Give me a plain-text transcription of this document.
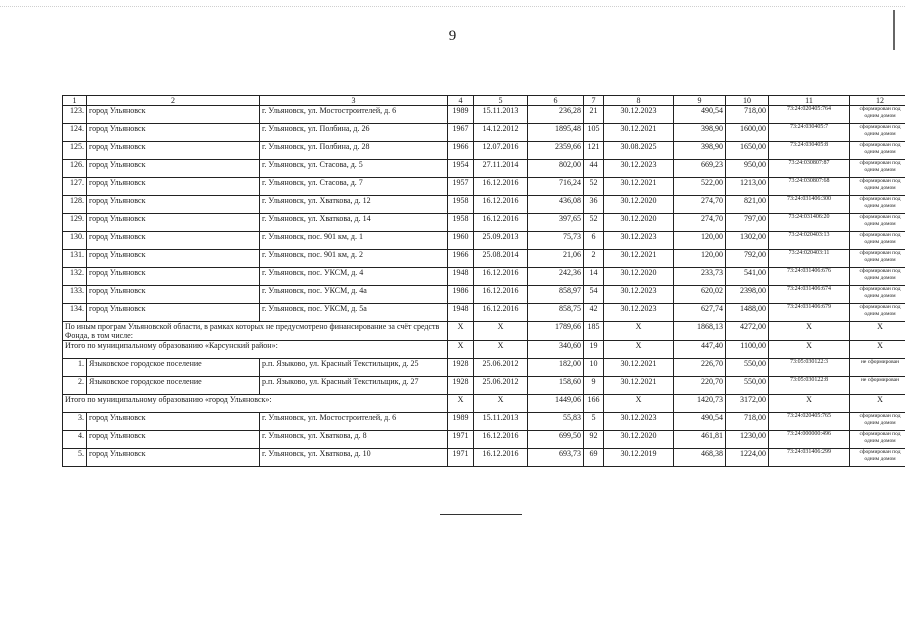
9
1	2	3	4	5	6	7	8	9	10	11	12
123.	город Ульяновск	г. Ульяновск, ул. Мостостроителей, д. 6	1989	15.11.2013	236,28	21	30.12.2023	490,54	718,00	73:24:020405:764	сформирован под одним домом
124.	город Ульяновск	г. Ульяновск, ул. Полбина, д. 26	1967	14.12.2012	1895,48	105	30.12.2021	398,90	1600,00	73:24:030405:7	сформирован под одним домом
125.	город Ульяновск	г. Ульяновск, ул. Полбина, д. 28	1966	12.07.2016	2359,66	121	30.08.2025	398,90	1650,00	73:24:030405:8	сформирован под одним домом
126.	город Ульяновск	г. Ульяновск, ул. Стасова, д. 5	1954	27.11.2014	802,00	44	30.12.2023	669,23	950,00	73:24:030807:87	сформирован под одним домом
127.	город Ульяновск	г. Ульяновск, ул. Стасова, д. 7	1957	16.12.2016	716,24	52	30.12.2021	522,00	1213,00	73:24:030807:68	сформирован под одним домом
128.	город Ульяновск	г. Ульяновск, ул. Хваткова, д. 12	1958	16.12.2016	436,08	36	30.12.2020	274,70	821,00	73:24:031406:300	сформирован под одним домом
129.	город Ульяновск	г. Ульяновск, ул. Хваткова, д. 14	1958	16.12.2016	397,65	52	30.12.2020	274,70	797,00	73:24:031406:20	сформирован под одним домом
130.	город Ульяновск	г. Ульяновск, пос. 901 км, д. 1	1960	25.09.2013	75,73	6	30.12.2023	120,00	1302,00	73:24:020403:13	сформирован под одним домом
131.	город Ульяновск	г. Ульяновск, пос. 901 км, д. 2	1966	25.08.2014	21,06	2	30.12.2021	120,00	792,00	73:24:020403:11	сформирован под одним домом
132.	город Ульяновск	г. Ульяновск, пос. УКСМ, д. 4	1948	16.12.2016	242,36	14	30.12.2020	233,73	541,00	73:24:031406:676	сформирован под одним домом
133.	город Ульяновск	г. Ульяновск, пос. УКСМ, д. 4а	1986	16.12.2016	858,97	54	30.12.2023	620,02	2398,00	73:24:031406:674	сформирован под одним домом
134.	город Ульяновск	г. Ульяновск, пос. УКСМ, д. 5а	1948	16.12.2016	858,75	42	30.12.2023	627,74	1488,00	73:24:031406:679	сформирован под одним домом
По иным програм Ульяновской области, в рамках которых не предусмотрено финансирование за счёт средств Фонда, в том числе:			X	X	1789,66	185	X	1868,13	4272,00	X	X
Итого по муниципальному образованию «Карсунский район»:			X	X	340,60	19	X	447,40	1100,00	X	X
1.	Языковское городское поселение	р.п. Языково, ул. Красный Текстильщик, д. 25	1928	25.06.2012	182,00	10	30.12.2021	226,70	550,00	73:05:030122:3	не сформирован
2.	Языковское городское поселение	р.п. Языково, ул. Красный Текстильщик, д. 27	1928	25.06.2012	158,60	9	30.12.2021	220,70	550,00	73:05:030122:8	не сформирован
Итого по муниципальному образованию «город Ульяновск»:			X	X	1449,06	166	X	1420,73	3172,00	X	X
3.	город Ульяновск	г. Ульяновск, ул. Мостостроителей, д. 6	1989	15.11.2013	55,83	5	30.12.2023	490,54	718,00	73:24:020405:765	сформирован под одним домом
4.	город Ульяновск	г. Ульяновск, ул. Хваткова, д. 8	1971	16.12.2016	699,50	92	30.12.2020	461,81	1230,00	73:24:000000:496	сформирован под одним домом
5.	город Ульяновск	г. Ульяновск, ул. Хваткова, д. 10	1971	16.12.2016	693,73	69	30.12.2019	468,38	1224,00	73:24:031406:299	сформирован под одним домом
